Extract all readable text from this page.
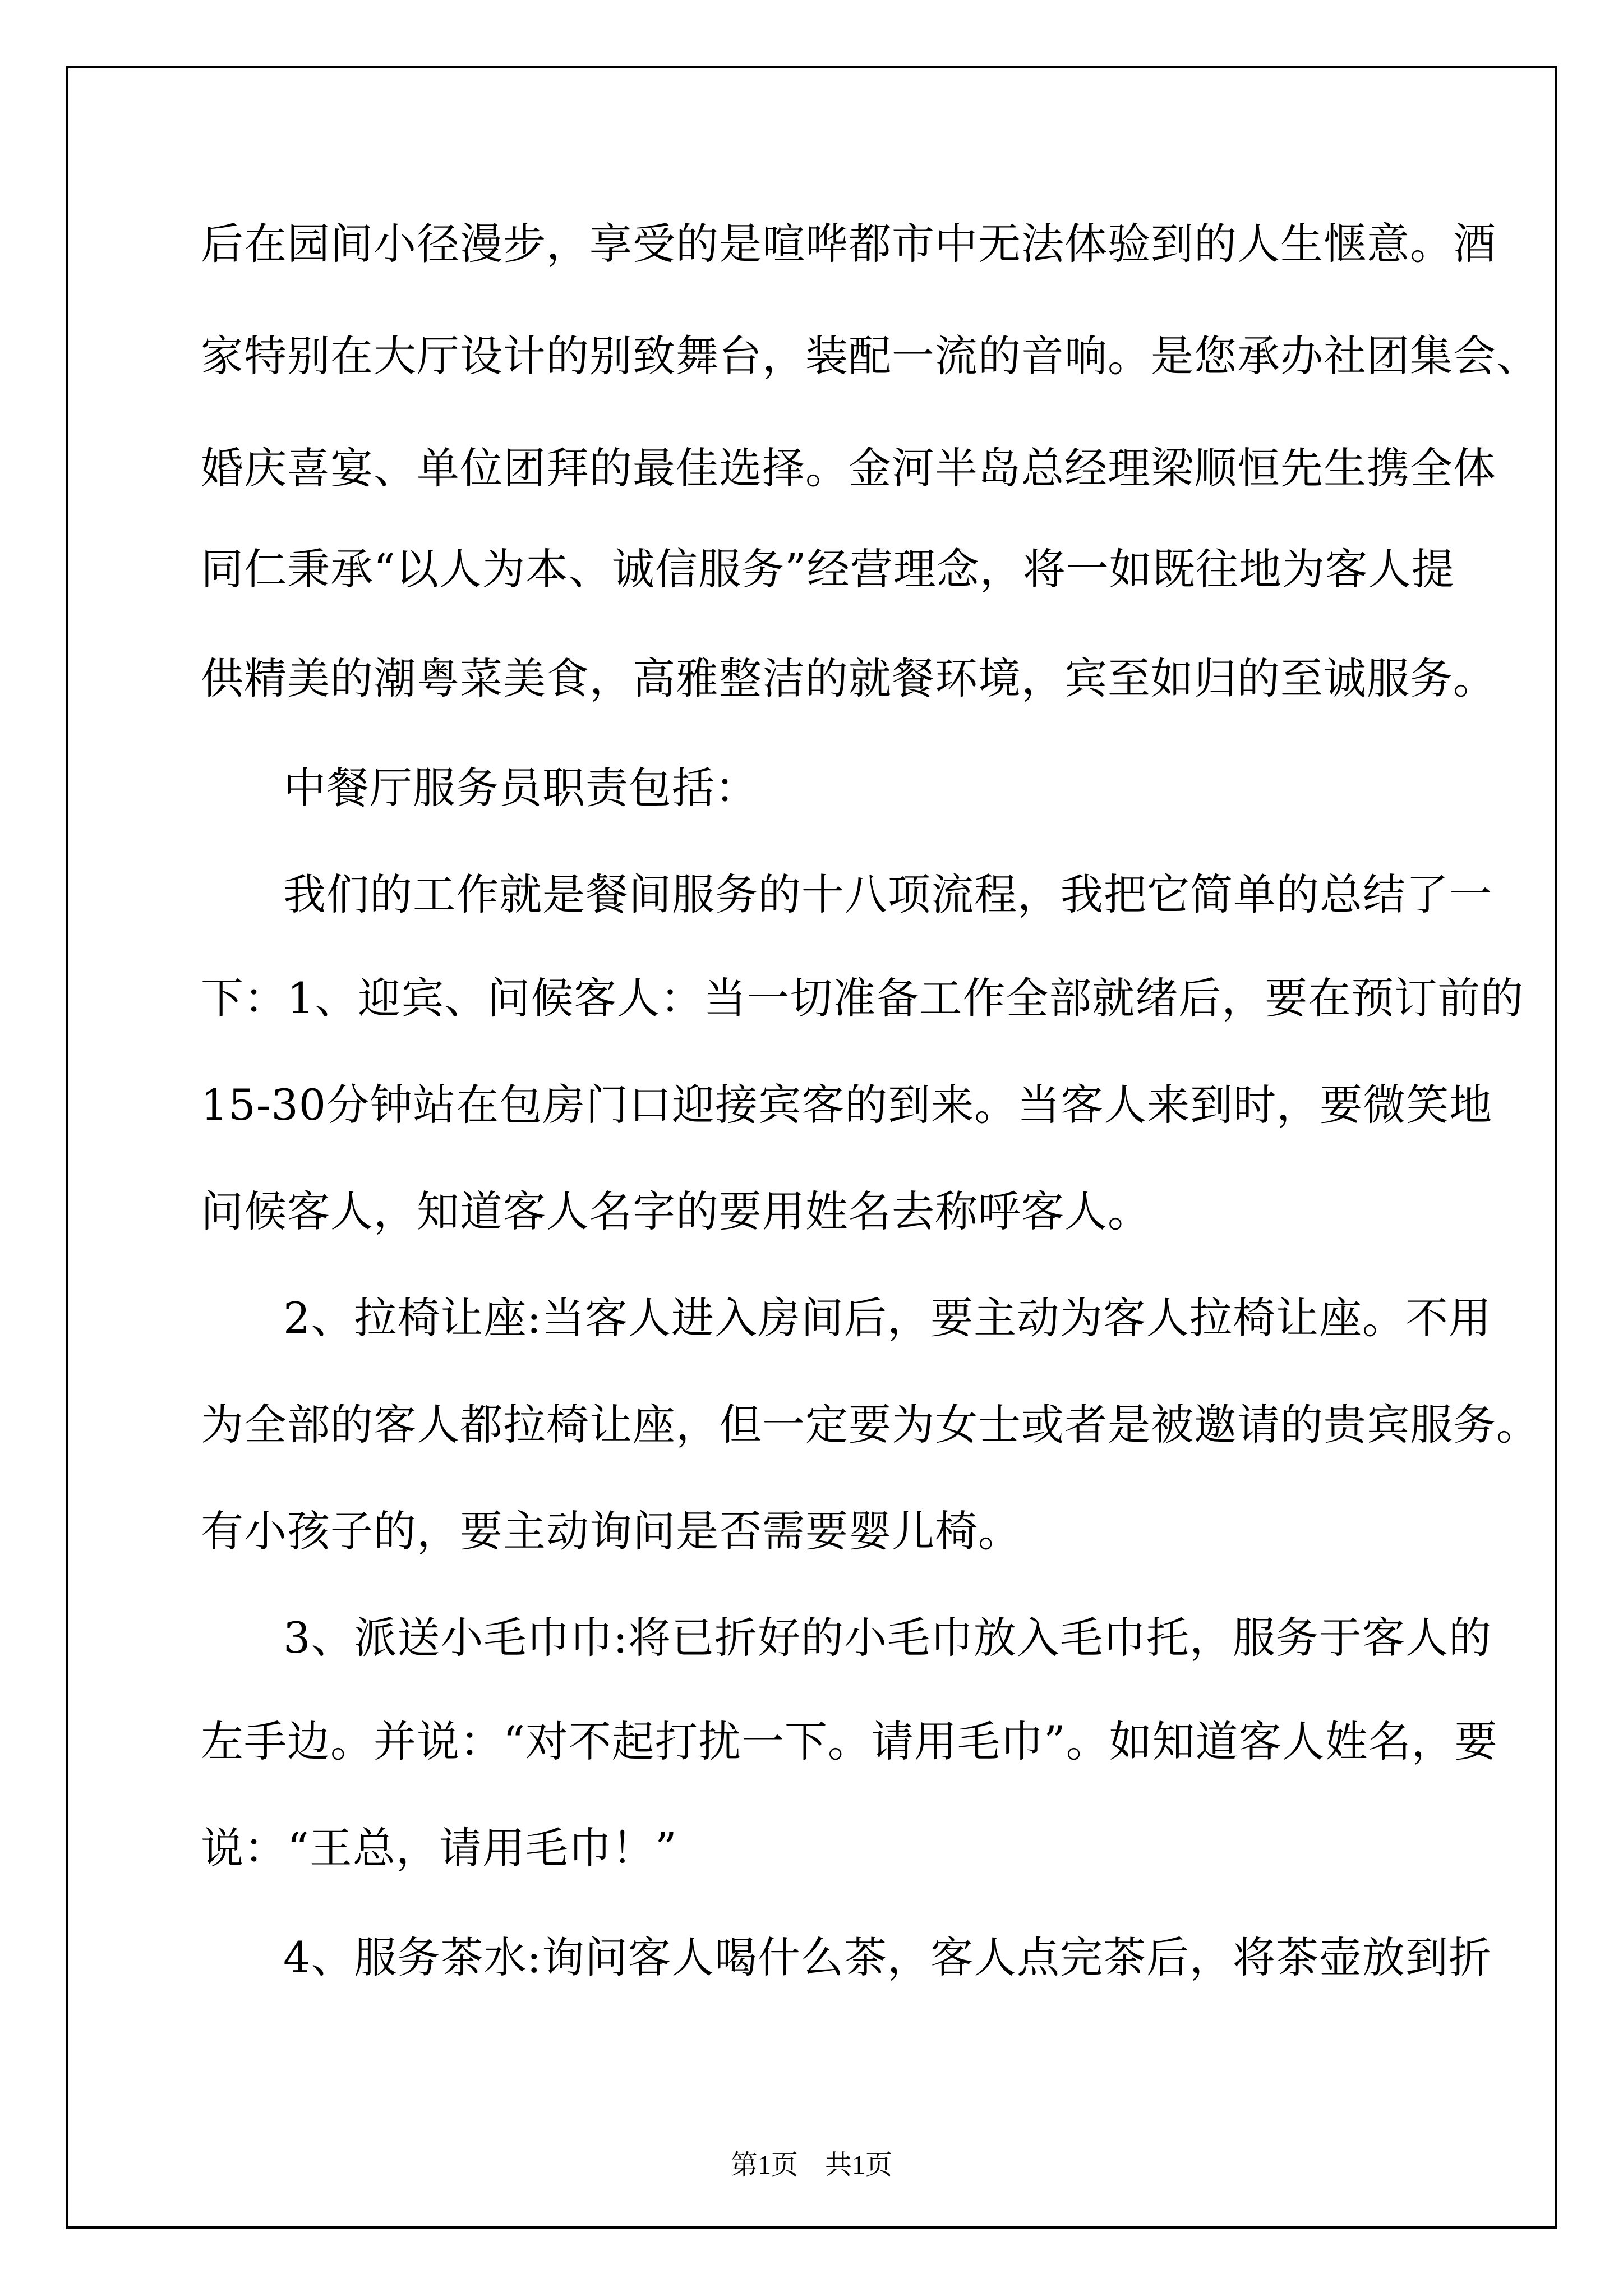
后在园间小径漫步，享受的是喧哗都市中无法体验到的人生惬意。酒
家特别在大厅设计的别致舞台，装配一流的音响。是您承办社团集会、
婚庆喜宴、单位团拜的最佳选择。金河半岛总经理梁顺恒先生携全体
同仁秉承“以人为本、诚信服务”经营理念，将一如既往地为客人提
供精美的潮粤菜美食，高雅整洁的就餐环境，宾至如归的至诚服务。
中餐厅服务员职责包括：
我们的工作就是餐间服务的十八项流程，我把它简单的总结了一
下：1、迎宾、问候客人：当一切准备工作全部就绪后，要在预订前的
15-30分钟站在包房门口迎接宾客的到来。当客人来到时，要微笑地
问候客人，知道客人名字的要用姓名去称呼客人。
2、拉椅让座:当客人进入房间后，要主动为客人拉椅让座。不用
为全部的客人都拉椅让座，但一定要为女士或者是被邀请的贵宾服务。
有小孩子的，要主动询问是否需要婴儿椅。
3、派送小毛巾巾:将已折好的小毛巾放入毛巾托，服务于客人的
左手边。并说：“对不起打扰一下。请用毛巾”。如知道客人姓名，要
说：“王总，请用毛巾！”
4、服务茶水:询问客人喝什么茶，客人点完茶后，将茶壶放到折
第1页　共1页
